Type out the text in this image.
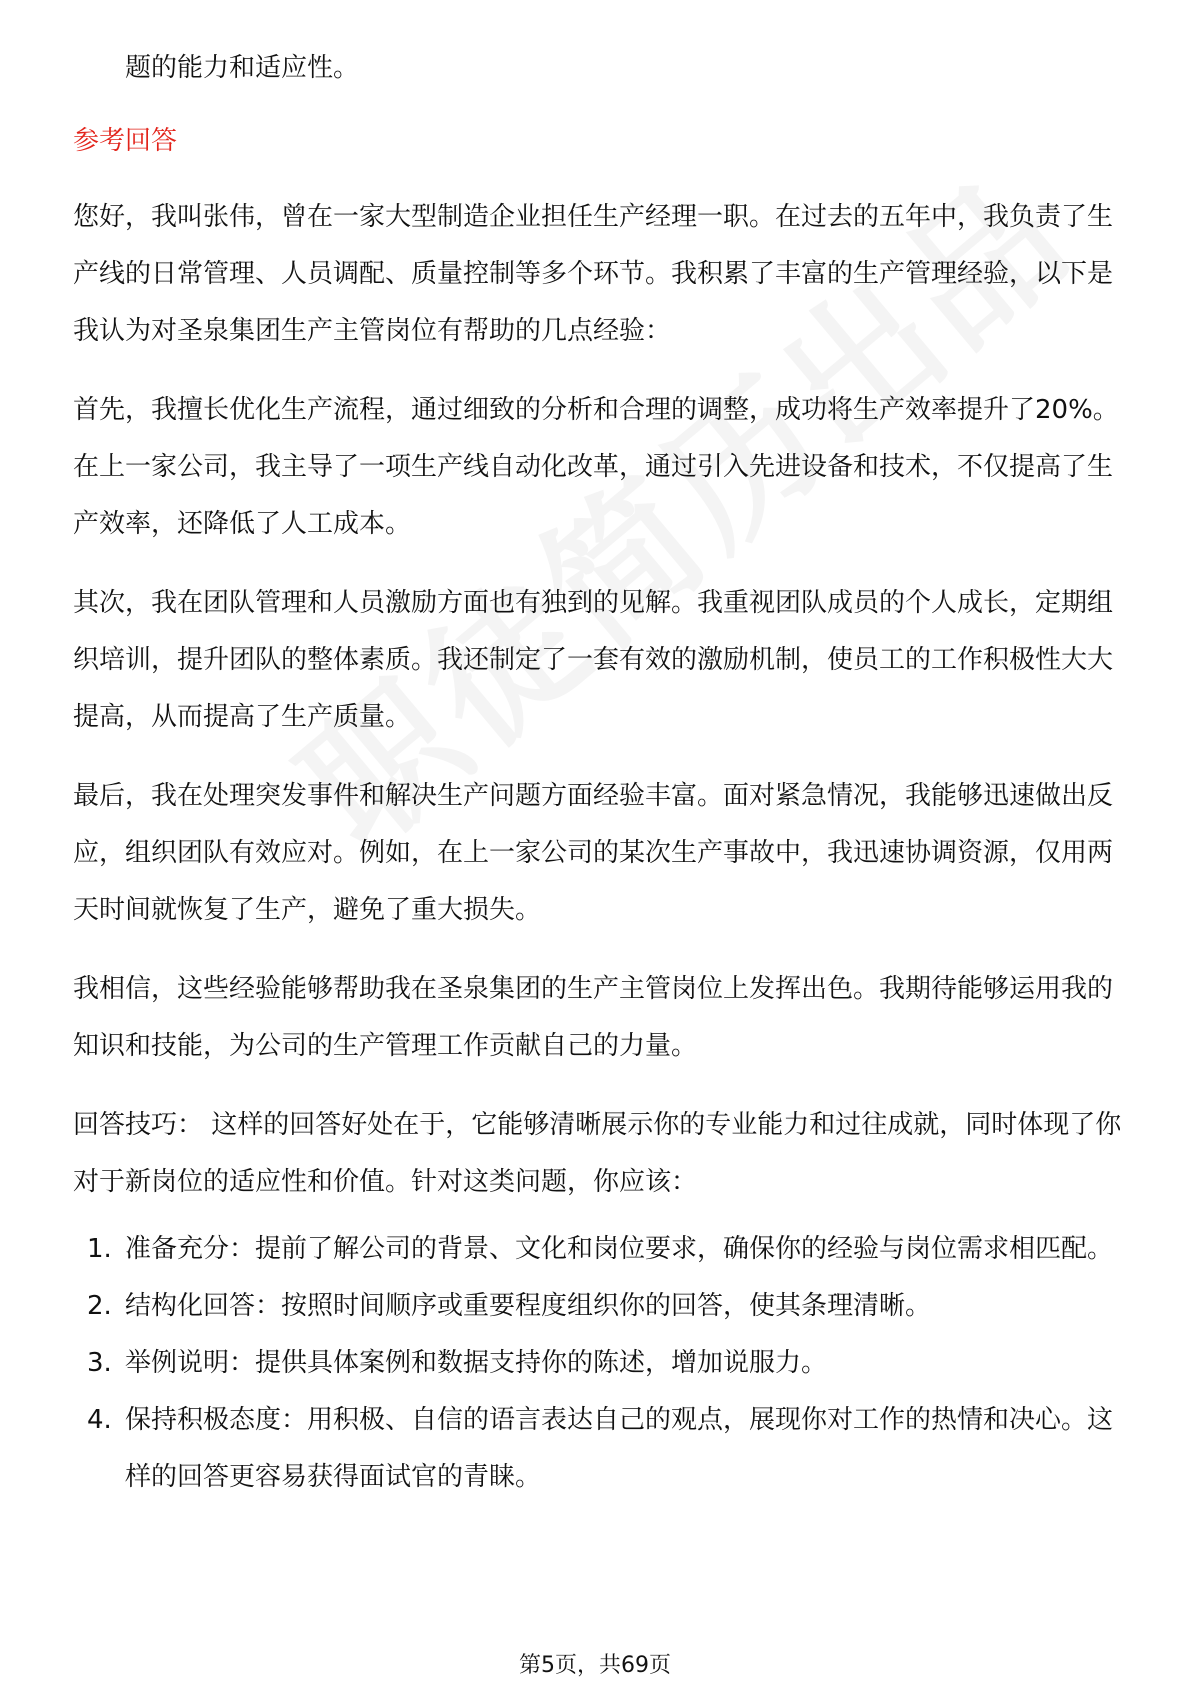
题的能力和适应性。

参考回答

您好，我叫张伟，曾在一家大型制造企业担任生产经理一职。在过去的五年中，我负责了生产线的日常管理、人员调配、质量控制等多个环节。我积累了丰富的生产管理经验，以下是我认为对圣泉集团生产主管岗位有帮助的几点经验：

首先，我擅长优化生产流程，通过细致的分析和合理的调整，成功将生产效率提升了20%。在上一家公司，我主导了一项生产线自动化改革，通过引入先进设备和技术，不仅提高了生产效率，还降低了人工成本。

其次，我在团队管理和人员激励方面也有独到的见解。我重视团队成员的个人成长，定期组织培训，提升团队的整体素质。我还制定了一套有效的激励机制，使员工的工作积极性大大提高，从而提高了生产质量。

最后，我在处理突发事件和解决生产问题方面经验丰富。面对紧急情况，我能够迅速做出反应，组织团队有效应对。例如，在上一家公司的某次生产事故中，我迅速协调资源，仅用两天时间就恢复了生产，避免了重大损失。

我相信，这些经验能够帮助我在圣泉集团的生产主管岗位上发挥出色。我期待能够运用我的知识和技能，为公司的生产管理工作贡献自己的力量。

回答技巧： 这样的回答好处在于，它能够清晰展示你的专业能力和过往成就，同时体现了你对于新岗位的适应性和价值。针对这类问题，你应该：

1. 准备充分：提前了解公司的背景、文化和岗位要求，确保你的经验与岗位需求相匹配。
2. 结构化回答：按照时间顺序或重要程度组织你的回答，使其条理清晰。
3. 举例说明：提供具体案例和数据支持你的陈述，增加说服力。
4. 保持积极态度：用积极、自信的语言表达自己的观点，展现你对工作的热情和决心。这样的回答更容易获得面试官的青睐。
第5页，共69页
